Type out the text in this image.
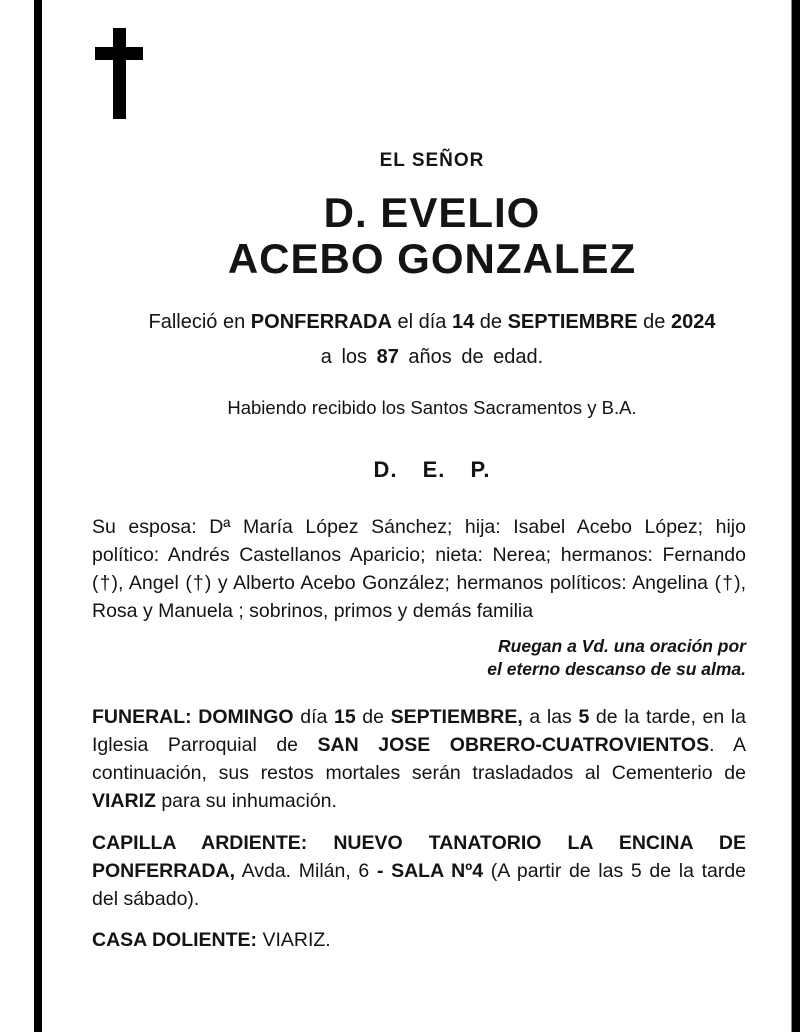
EL SEÑOR
D. EVELIO
ACEBO GONZALEZ

Falleció en PONFERRADA el día 14 de SEPTIEMBRE de 2024

a los 87 años de edad.

Habiendo recibido los Santos Sacramentos y B.A.

D. E. P.

Su esposa: Dª María López Sánchez; hija: Isabel Acebo López; hijo político: Andrés Castellanos Aparicio; nieta: Nerea; hermanos: Fernando (†), Angel (†) y Alberto Acebo González; hermanos políticos: Angelina (†), Rosa y Manuela ; sobrinos, primos y demás familia

Ruegan a Vd. una oración por
el eterno descanso de su alma.

FUNERAL: DOMINGO día 15 de SEPTIEMBRE, a las 5 de la tarde, en la Iglesia Parroquial de SAN JOSE OBRERO-CUATROVIENTOS. A continuación, sus restos mortales serán trasladados al Cementerio de VIARIZ para su inhumación.

CAPILLA ARDIENTE: NUEVO TANATORIO LA ENCINA DE PONFERRADA, Avda. Milán, 6 - SALA Nº4 (A partir de las 5 de la tarde del sábado).

CASA DOLIENTE: VIARIZ.
